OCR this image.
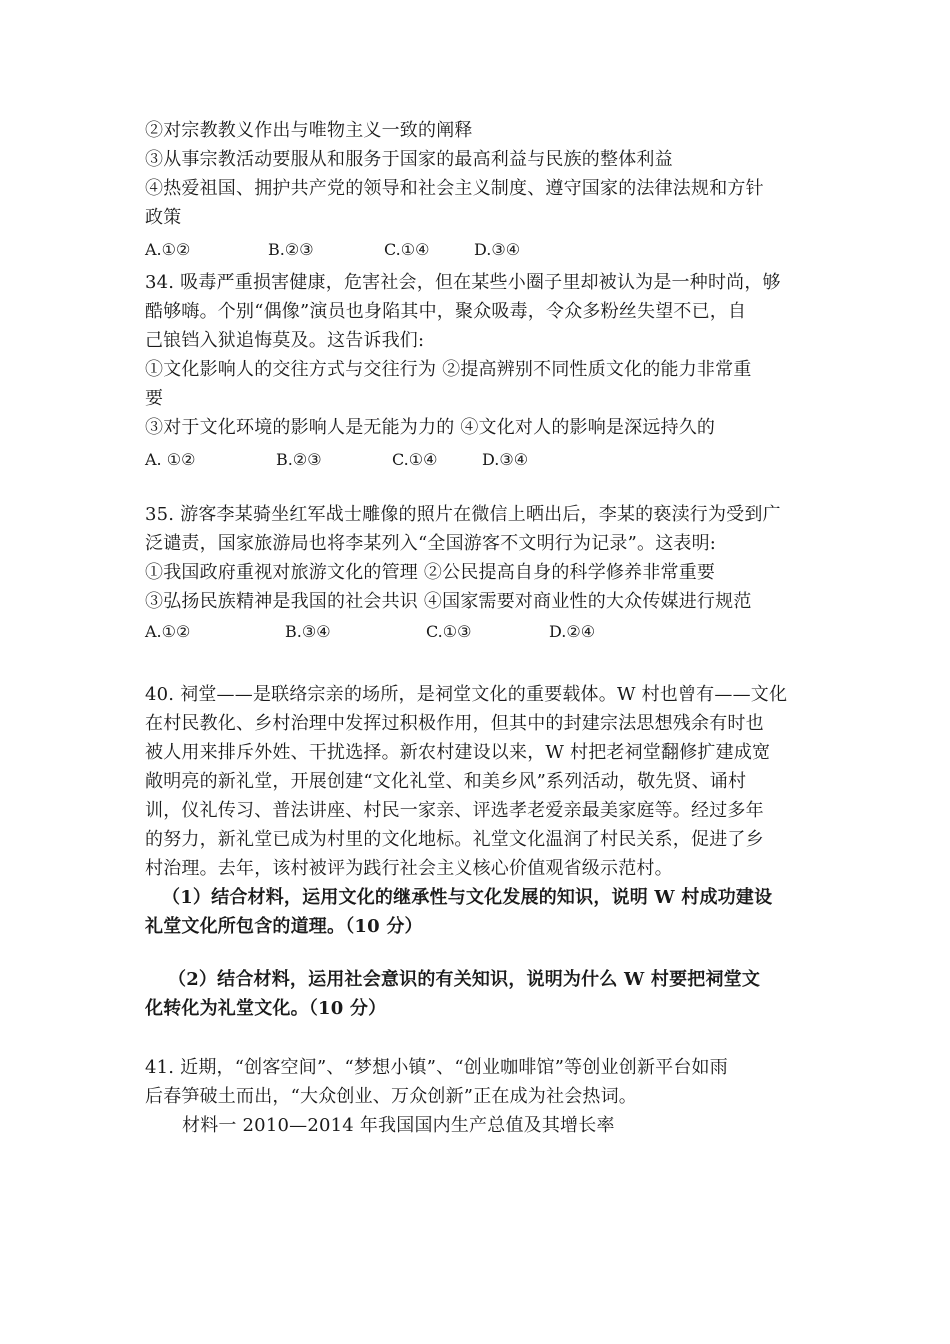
②对宗教教义作出与唯物主义一致的阐释
③从事宗教活动要服从和服务于国家的最高利益与民族的整体利益
④热爱祖国、拥护共产党的领导和社会主义制度、遵守国家的法律法规和方针
政策
A.①②	B.②③	C.①④	D.③④
34. 吸毒严重损害健康，危害社会，但在某些小圈子里却被认为是一种时尚，够
酷够嗨。个别“偶像”演员也身陷其中，聚众吸毒，令众多粉丝失望不已，自
己锒铛入狱追悔莫及。这告诉我们:
①文化影响人的交往方式与交往行为 ②提高辨别不同性质文化的能力非常重
要
③对于文化环境的影响人是无能为力的 ④文化对人的影响是深远持久的
A. ①②	B.②③	C.①④	D.③④
35. 游客李某骑坐红军战士雕像的照片在微信上晒出后，李某的亵渎行为受到广
泛谴责，国家旅游局也将李某列入“全国游客不文明行为记录”。这表明:
①我国政府重视对旅游文化的管理 ②公民提高自身的科学修养非常重要
③弘扬民族精神是我国的社会共识 ④国家需要对商业性的大众传媒进行规范
A.①②	B.③④	C.①③	D.②④
40. 祠堂——是联络宗亲的场所，是祠堂文化的重要载体。W 村也曾有——文化
在村民教化、乡村治理中发挥过积极作用，但其中的封建宗法思想残余有时也
被人用来排斥外姓、干扰选择。新农村建设以来，W 村把老祠堂翻修扩建成宽
敞明亮的新礼堂，开展创建“文化礼堂、和美乡风”系列活动，敬先贤、诵村
训，仪礼传习、普法讲座、村民一家亲、评选孝老爱亲最美家庭等。经过多年
的努力，新礼堂已成为村里的文化地标。礼堂文化温润了村民关系，促进了乡
村治理。去年，该村被评为践行社会主义核心价值观省级示范村。
（1）结合材料，运用文化的继承性与文化发展的知识，说明 W 村成功建设
礼堂文化所包含的道理。（10 分）
（2）结合材料，运用社会意识的有关知识，说明为什么 W 村要把祠堂文
化转化为礼堂文化。（10 分）
41. 近期，“创客空间”、“梦想小镇”、“创业咖啡馆”等创业创新平台如雨
后春笋破土而出，“大众创业、万众创新”正在成为社会热词。
材料一 2010—2014 年我国国内生产总值及其增长率
